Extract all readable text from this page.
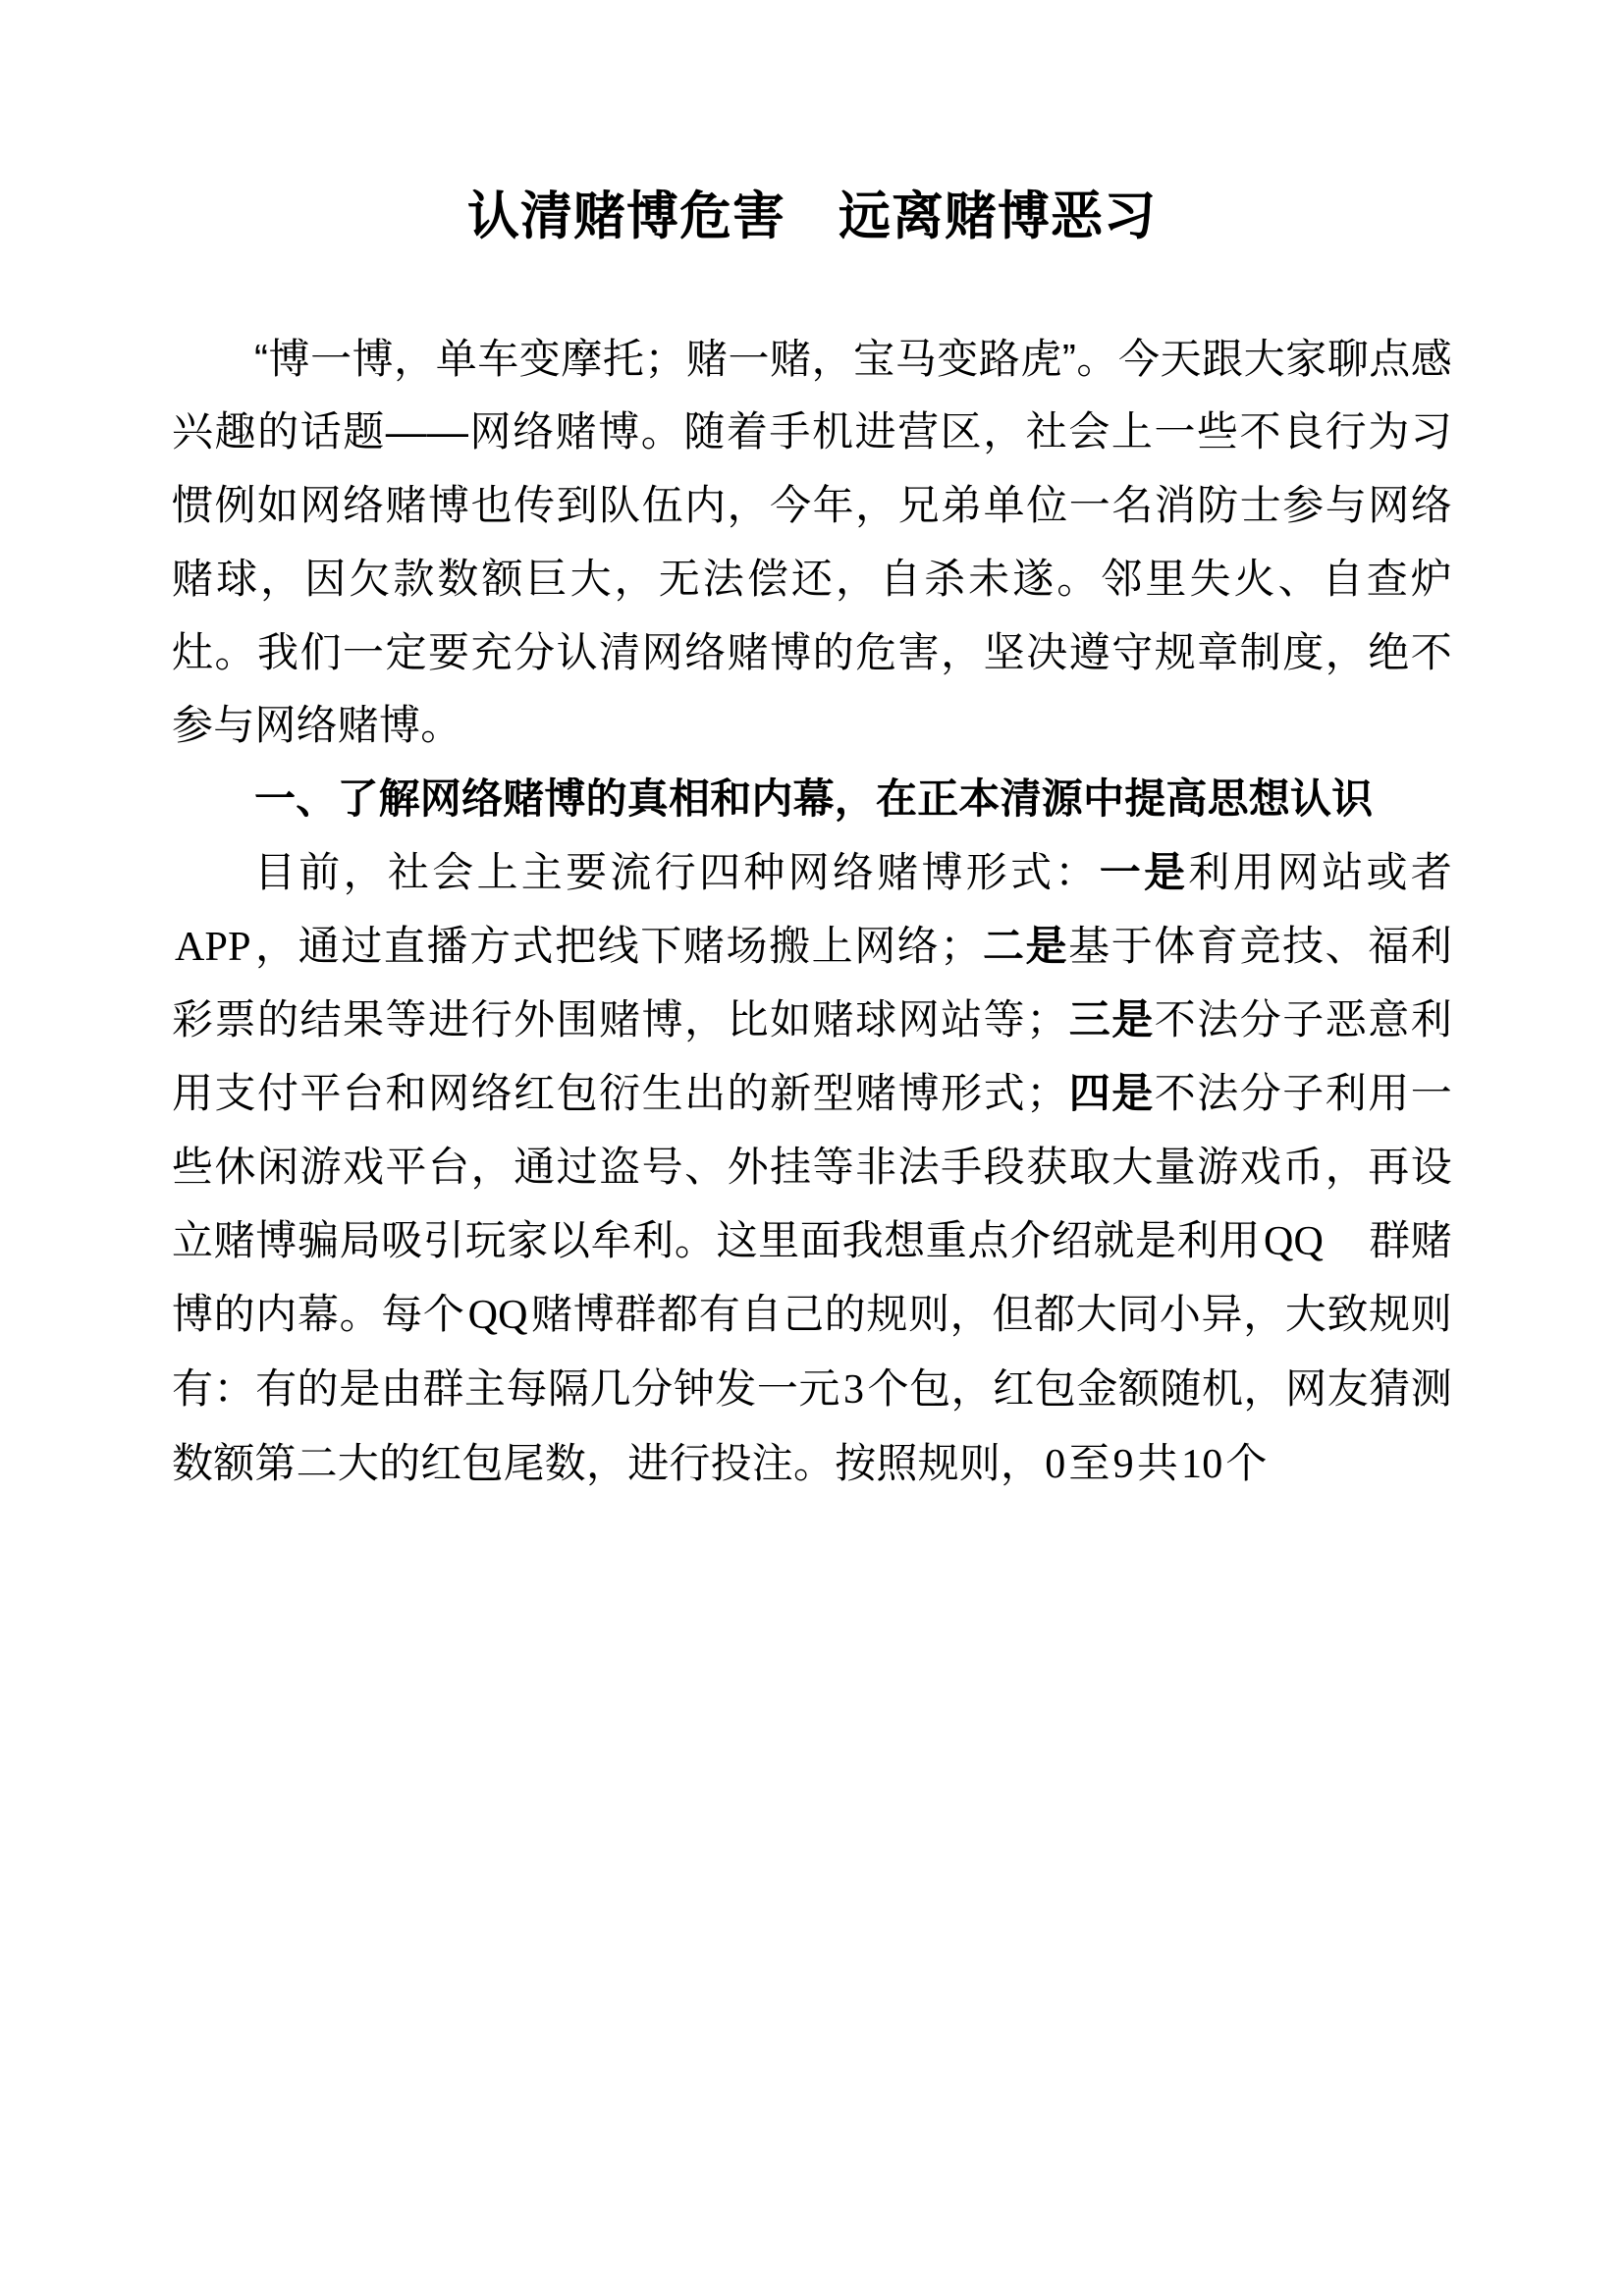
认清赌博危害　远离赌博恶习

“博一博，单车变摩托；赌一赌，宝马变路虎”。今天跟大家聊点感兴趣的话题——网络赌博。随着手机进营区，社会上一些不良行为习惯例如网络赌博也传到队伍内，今年，兄弟单位一名消防士参与网络赌球，因欠款数额巨大，无法偿还，自杀未遂。邻里失火、自查炉灶。我们一定要充分认清网络赌博的危害，坚决遵守规章制度，绝不参与网络赌博。

一、了解网络赌博的真相和内幕，在正本清源中提高思想认识

目前，社会上主要流行四种网络赌博形式：一是利用网站或者APP，通过直播方式把线下赌场搬上网络；二是基于体育竞技、福利彩票的结果等进行外围赌博，比如赌球网站等；三是不法分子恶意利用支付平台和网络红包衍生出的新型赌博形式；四是不法分子利用一些休闲游戏平台，通过盗号、外挂等非法手段获取大量游戏币，再设立赌博骗局吸引玩家以牟利。这里面我想重点介绍就是利用QQ　群赌博的内幕。每个QQ赌博群都有自己的规则，但都大同小异，大致规则有：有的是由群主每隔几分钟发一元3个包，红包金额随机，网友猜测数额第二大的红包尾数，进行投注。按照规则，0至9共10个
